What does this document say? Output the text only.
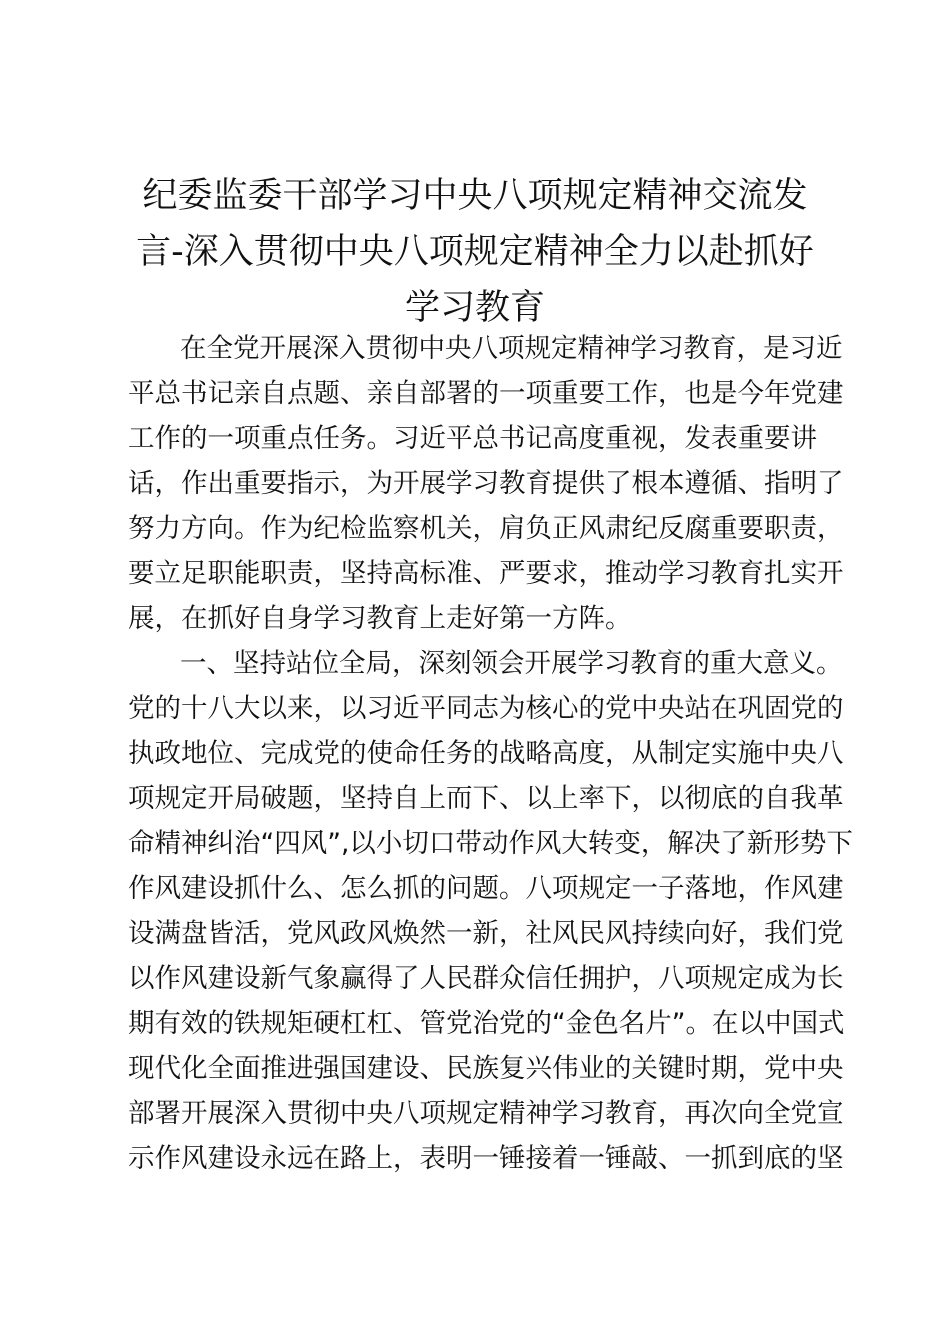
纪委监委干部学习中央八项规定精神交流发
言-深入贯彻中央八项规定精神全力以赴抓好
学习教育

在全党开展深入贯彻中央八项规定精神学习教育，是习近
平总书记亲自点题、亲自部署的一项重要工作，也是今年党建
工作的一项重点任务。习近平总书记高度重视，发表重要讲
话，作出重要指示，为开展学习教育提供了根本遵循、指明了
努力方向。作为纪检监察机关，肩负正风肃纪反腐重要职责，
要立足职能职责，坚持高标准、严要求，推动学习教育扎实开
展，在抓好自身学习教育上走好第一方阵。

一、坚持站位全局，深刻领会开展学习教育的重大意义。
党的十八大以来，以习近平同志为核心的党中央站在巩固党的
执政地位、完成党的使命任务的战略高度，从制定实施中央八
项规定开局破题，坚持自上而下、以上率下，以彻底的自我革
命精神纠治“四风”,以小切口带动作风大转变，解决了新形势下
作风建设抓什么、怎么抓的问题。八项规定一子落地，作风建
设满盘皆活，党风政风焕然一新，社风民风持续向好，我们党
以作风建设新气象赢得了人民群众信任拥护，八项规定成为长
期有效的铁规矩硬杠杠、管党治党的“金色名片”。在以中国式
现代化全面推进强国建设、民族复兴伟业的关键时期，党中央
部署开展深入贯彻中央八项规定精神学习教育，再次向全党宣
示作风建设永远在路上，表明一锤接着一锤敲、一抓到底的坚
